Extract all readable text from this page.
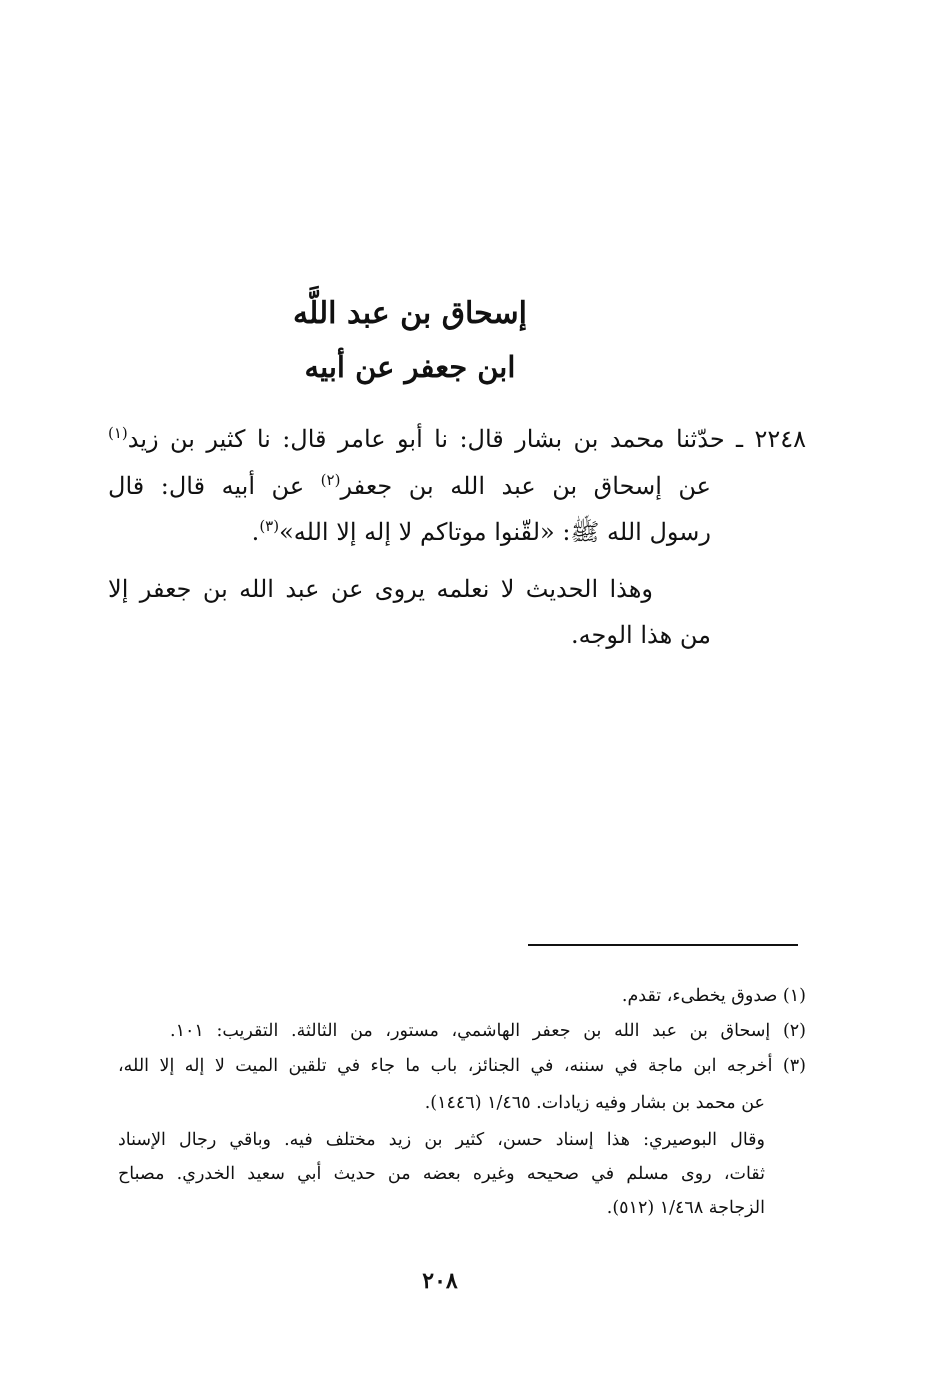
إسحاق بن عبد اللَّه
ابن جعفر عن أبيه
٢٢٤٨ ـ حدّثنا محمد بن بشار قال: نا أبو عامر قال: نا كثير بن زيد$^{(١)}$
عن إسحاق بن عبد الله بن جعفر$^{(٢)}$ عن أبيه قال: قال
رسول الله ﷺ: «لقّنوا موتاكم لا إله إلا الله»$^{(٣)}$.
وهذا الحديث لا نعلمه يروى عن عبد الله بن جعفر إلا
من هذا الوجه.
(١) صدوق يخطىء، تقدم.
(٢) إسحاق بن عبد الله بن جعفر الهاشمي، مستور، من الثالثة. التقريب: ١٠١.
(٣) أخرجه ابن ماجة في سننه، في الجنائز، باب ما جاء في تلقين الميت لا إله إلا الله،
عن محمد بن بشار وفيه زيادات. ١/٤٦٥ (١٤٤٦).
وقال البوصيري: هذا إسناد حسن، كثير بن زيد مختلف فيه. وباقي رجال الإسناد
ثقات، روى مسلم في صحيحه وغيره بعضه من حديث أبي سعيد الخدري. مصباح
الزجاجة ١/٤٦٨ (٥١٢).
٢٠٨
